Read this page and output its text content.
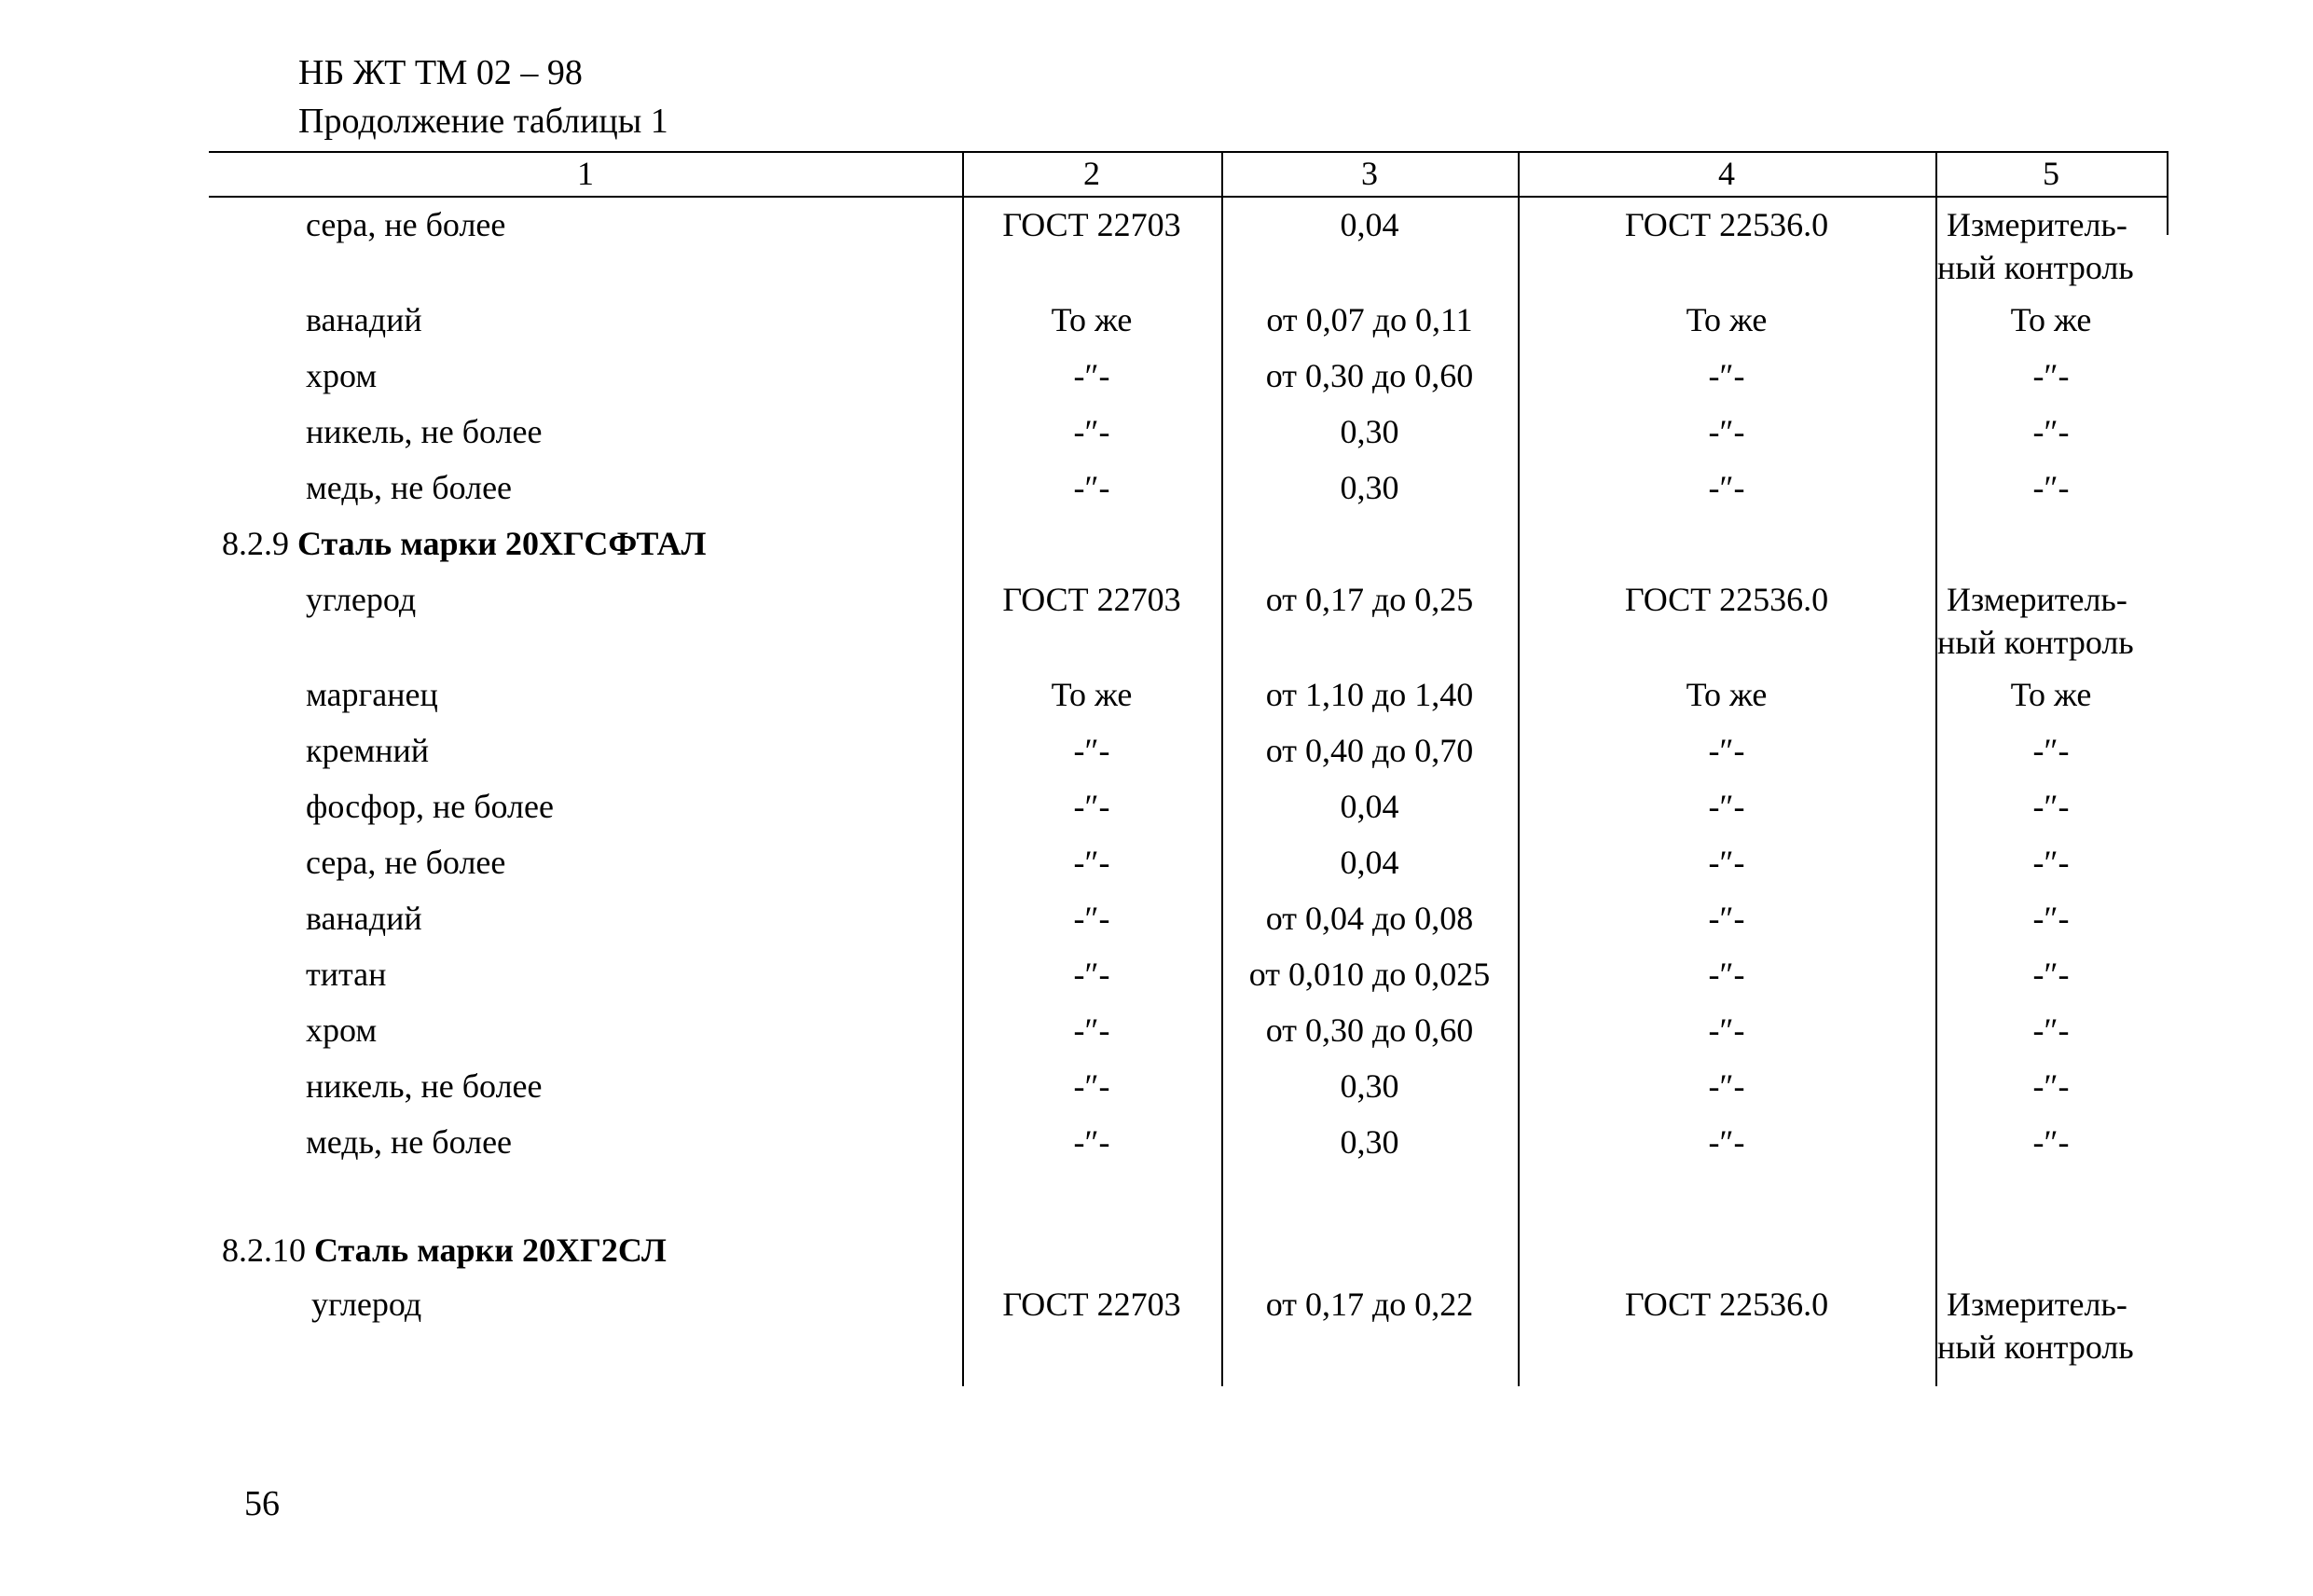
НБ ЖТ ТМ 02 – 98
Продолжение таблицы 1
1	2	3	4	5
сера, не более	ГОСТ 22703	0,04	ГОСТ 22536.0	Измеритель-
ный контроль
ванадий	То же	от 0,07 до 0,11	То же	То же
хром	-″-	от 0,30 до 0,60	-″-	-″-
никель, не более	-″-	0,30	-″-	-″-
медь, не более	-″-	0,30	-″-	-″-
8.2.9 Сталь марки 20ХГСФТАЛ
углерод	ГОСТ 22703	от 0,17 до 0,25	ГОСТ 22536.0	Измеритель-
ный контроль
марганец	То же	от 1,10 до 1,40	То же	То же
кремний	-″-	от 0,40 до 0,70	-″-	-″-
фосфор, не более	-″-	0,04	-″-	-″-
сера, не более	-″-	0,04	-″-	-″-
ванадий	-″-	от 0,04 до 0,08	-″-	-″-
титан	-″-	от 0,010 до 0,025	-″-	-″-
хром	-″-	от 0,30 до 0,60	-″-	-″-
никель, не более	-″-	0,30	-″-	-″-
медь, не более	-″-	0,30	-″-	-″-
8.2.10 Сталь марки 20ХГ2СЛ
углерод	ГОСТ 22703	от 0,17 до 0,22	ГОСТ 22536.0	Измеритель-
ный контроль
56
